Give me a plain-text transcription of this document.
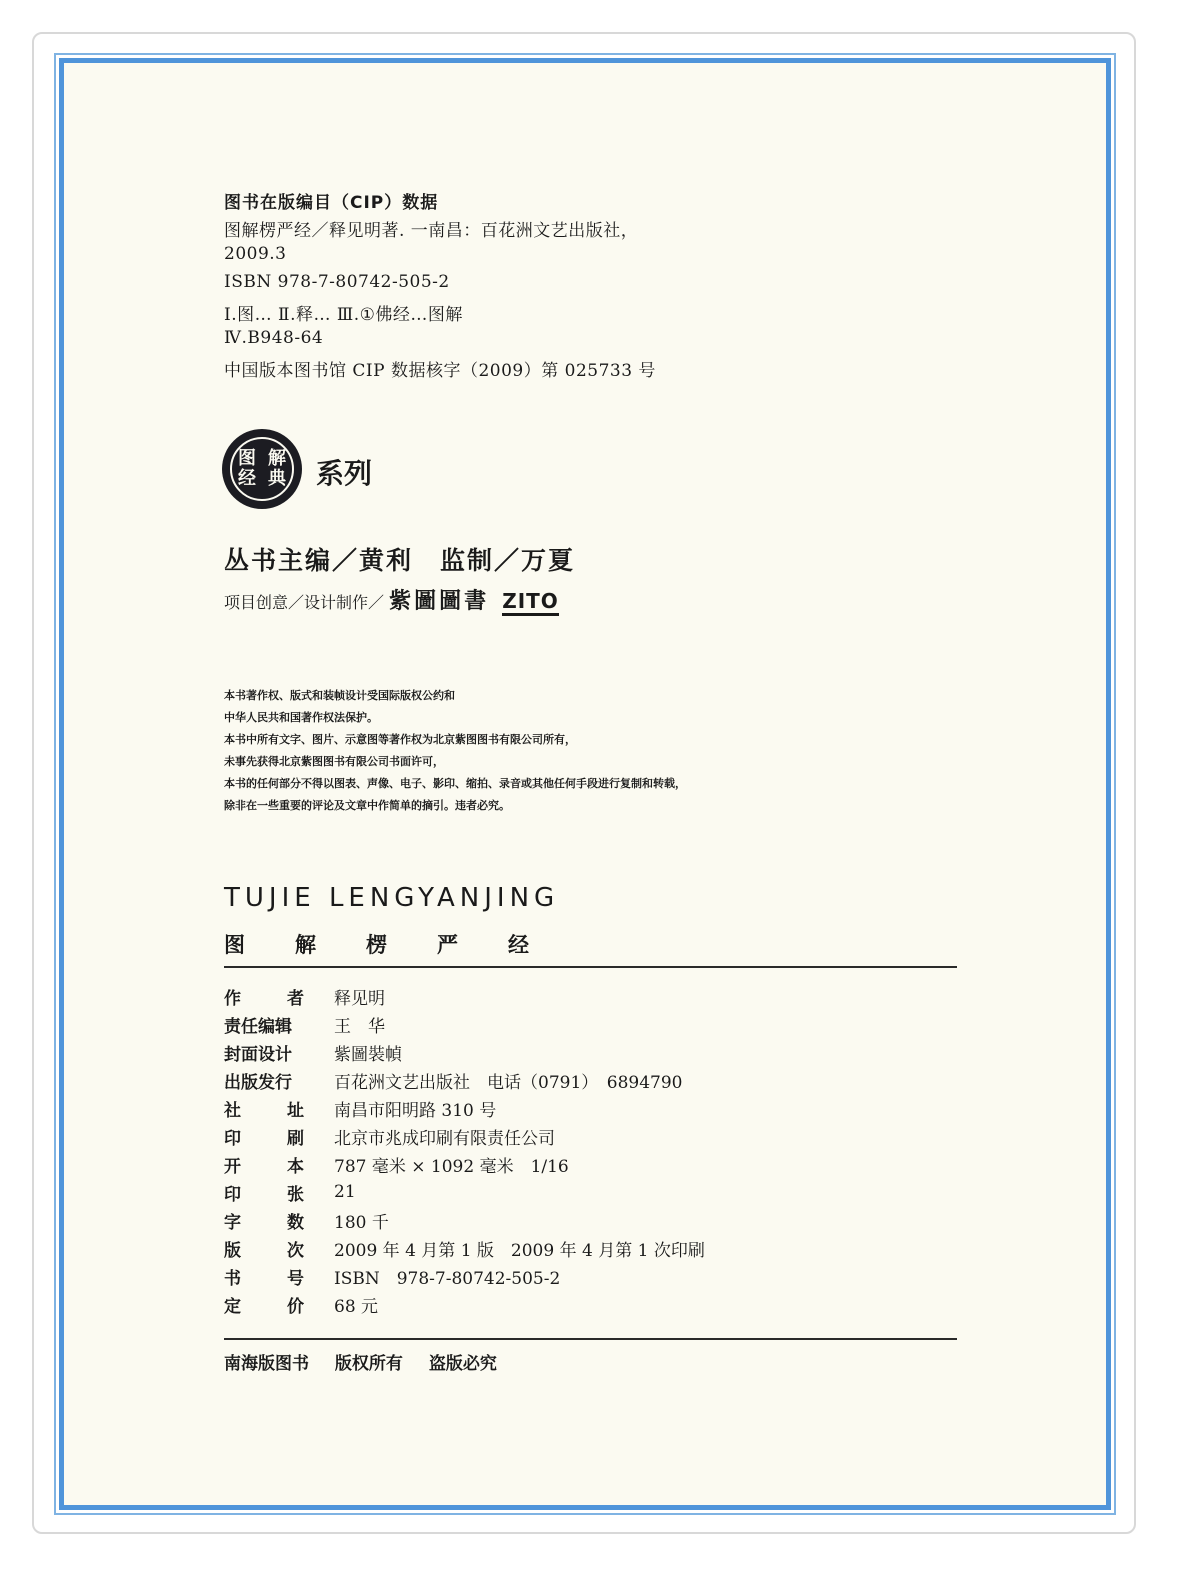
图书在版编目（CIP）数据
图解楞严经／释见明著. 一南昌：百花洲文艺出版社，
2009.3
ISBN 978-7-80742-505-2
Ⅰ.图… Ⅱ.释… Ⅲ.①佛经…图解
Ⅳ.B948-64
中国版本图书馆 CIP 数据核字（2009）第 025733 号
图 解
经 典 系列
丛书主编／黄利　监制／万夏
项目创意／设计制作／ 紫圖圖書 ZITO
本书著作权、版式和装帧设计受国际版权公约和
中华人民共和国著作权法保护。
本书中所有文字、图片、示意图等著作权为北京紫图图书有限公司所有，
未事先获得北京紫图图书有限公司书面许可，
本书的任何部分不得以图表、声像、电子、影印、缩拍、录音或其他任何手段进行复制和转载，
除非在一些重要的评论及文章中作简单的摘引。违者必究。
TUJIE LENGYANJING
图	解	楞	严	经
作	者 释见明
责任编辑 王　华
封面设计 紫圖裝幀
出版发行 百花洲文艺出版社　电话（0791）　6894790
社	址 南昌市阳明路 310 号
印	刷 北京市兆成印刷有限责任公司
开	本 787 毫米 × 1092 毫米　1/16
印	张 21
字	数 180 千
版	次 2009 年 4 月第 1 版　2009 年 4 月第 1 次印刷
书	号 ISBN　978-7-80742-505-2
定	价 68 元
南海版图书 版权所有 盗版必究
